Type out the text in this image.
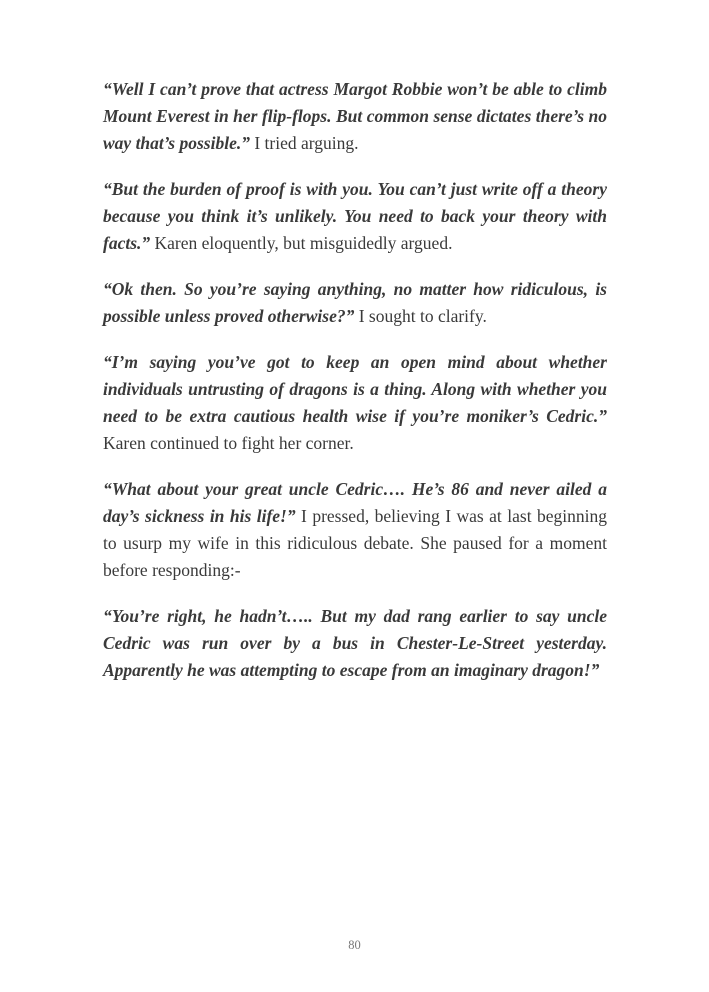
“Well I can’t prove that actress Margot Robbie won’t be able to climb Mount Everest in her flip-flops. But common sense dictates there’s no way that’s possible.” I tried arguing.

“But the burden of proof is with you. You can’t just write off a theory because you think it’s unlikely. You need to back your theory with facts.” Karen eloquently, but misguidedly argued.

“Ok then. So you’re saying anything, no matter how ridiculous, is possible unless proved otherwise?” I sought to clarify.

“I’m saying you’ve got to keep an open mind about whether individuals untrusting of dragons is a thing. Along with whether you need to be extra cautious health wise if you’re moniker’s Cedric.” Karen continued to fight her corner.

“What about your great uncle Cedric…. He’s 86 and never ailed a day’s sickness in his life!” I pressed, believing I was at last beginning to usurp my wife in this ridiculous debate. She paused for a moment before responding:-

“You’re right, he hadn’t….. But my dad rang earlier to say uncle Cedric was run over by a bus in Chester-Le-Street yesterday. Apparently he was attempting to escape from an imaginary dragon!”

80
